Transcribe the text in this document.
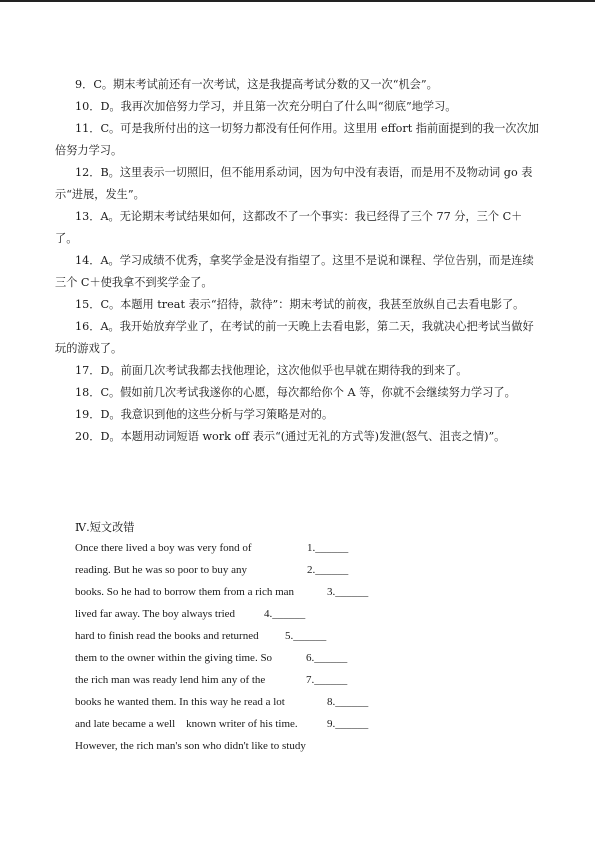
9．C。期末考试前还有一次考试，这是我提高考试分数的又一次“机会”。

10．D。我再次加倍努力学习，并且第一次充分明白了什么叫“彻底”地学习。

11．C。可是我所付出的这一切努力都没有任何作用。这里用 effort 指前面提到的我一次次加倍努力学习。

12．B。这里表示一切照旧，但不能用系动词，因为句中没有表语，而是用不及物动词 go 表示“进展，发生”。

13．A。无论期末考试结果如何，这都改不了一个事实：我已经得了三个 77 分，三个 C＋了。

14．A。学习成绩不优秀，拿奖学金是没有指望了。这里不是说和课程、学位告别，而是连续三个 C＋使我拿不到奖学金了。

15．C。本题用 treat 表示“招待，款待”：期末考试的前夜，我甚至放纵自己去看电影了。

16．A。我开始放弃学业了，在考试的前一天晚上去看电影，第二天，我就决心把考试当做好玩的游戏了。

17．D。前面几次考试我都去找他理论，这次他似乎也早就在期待我的到来了。

18．C。假如前几次考试我遂你的心愿，每次都给你个 A 等，你就不会继续努力学习了。

19．D。我意识到他的这些分析与学习策略是对的。

20．D。本题用动词短语 work off 表示“(通过无礼的方式等)发泄(怒气、沮丧之情)”。

Ⅳ.短文改错
Once there lived a boy was very fond of	1.______
reading. But he was so poor to buy any	2.______
books. So he had to borrow them from a rich man	3.______
lived far away. The boy always tried	4.______
hard to finish read the books and returned 5.______
them to the owner within the giving time. So	6.______
the rich man was ready lend him any of the	7.______
books he wanted them. In this way he read a lot	8.______
and late became a well    known writer of his time.	9.______
However, the rich man's son who didn't like to study
